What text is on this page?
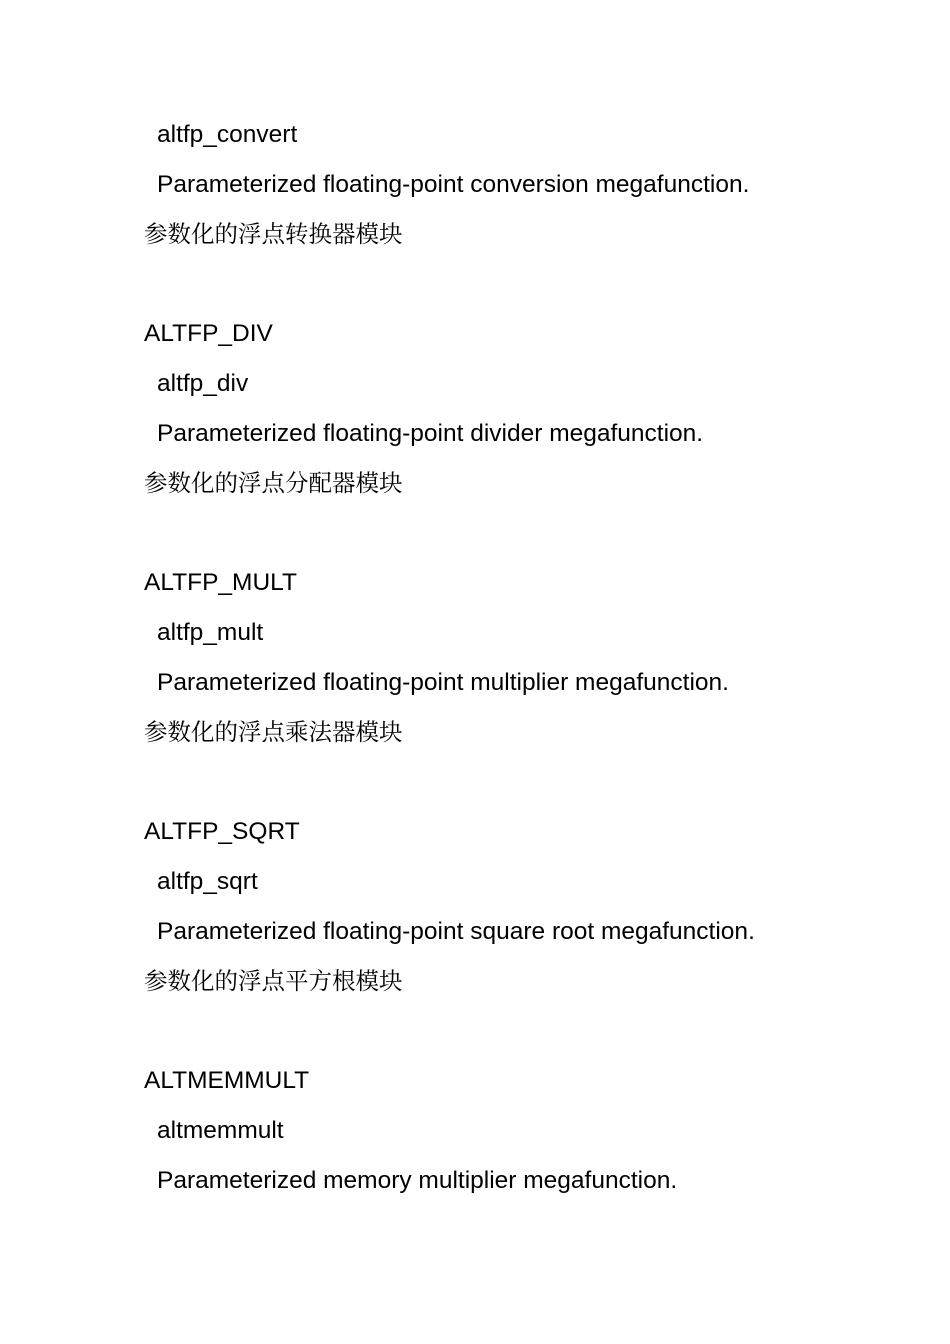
altfp_convert
Parameterized floating-point conversion megafunction.
参数化的浮点转换器模块
ALTFP_DIV
altfp_div
Parameterized floating-point divider megafunction.
参数化的浮点分配器模块
ALTFP_MULT
altfp_mult
Parameterized floating-point multiplier megafunction.
参数化的浮点乘法器模块
ALTFP_SQRT
altfp_sqrt
Parameterized floating-point square root megafunction.
参数化的浮点平方根模块
ALTMEMMULT
altmemmult
Parameterized memory multiplier megafunction.
